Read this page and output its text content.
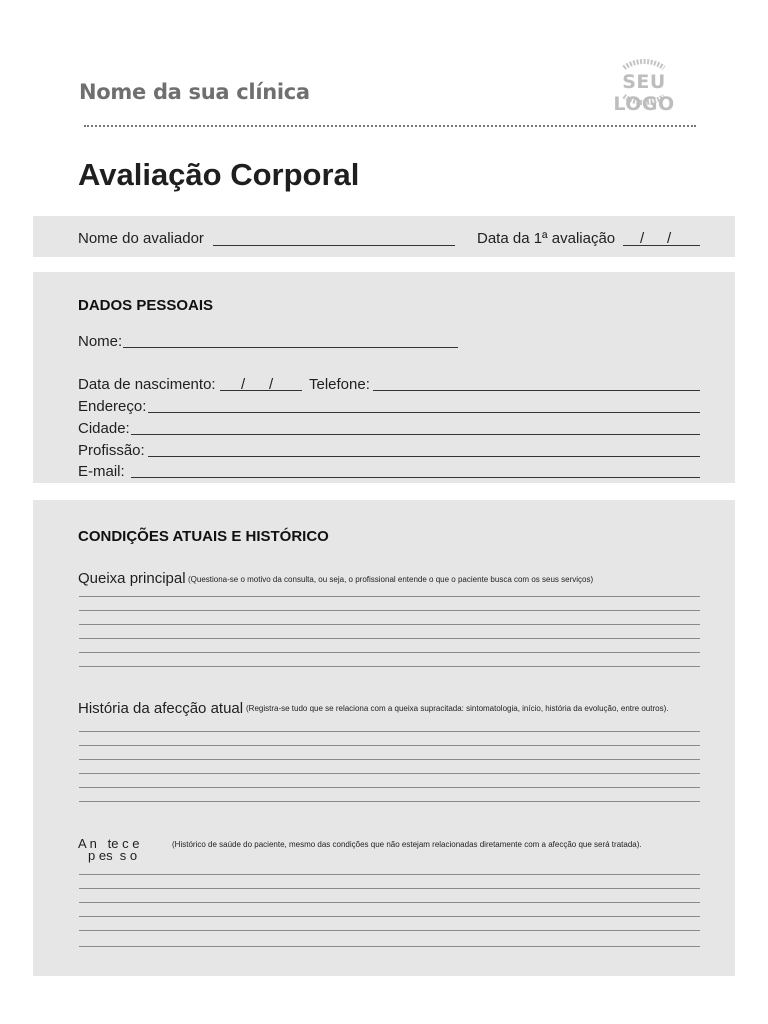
Nome da sua clínica	SEU LOGO
Avaliação Corporal
Nome do avaliador	Data da 1ª avaliação / /
DADOS PESSOAIS
Nome:
Data de nascimento: / / Telefone:
Endereço:
Cidade:
Profissão:
E-mail:
CONDIÇÕES ATUAIS E HISTÓRICO
Queixa principal (Questiona-se o motivo da consulta, ou seja, o profissional entende o que o paciente busca com os seus serviços)
História da afecção atual (Registra-se tudo que se relaciona com a queixa supracitada: sintomatologia, início, história da evolução, entre outros).
A n   te c e
p es  s o
(Histórico de saúde do paciente, mesmo das condições que não estejam relacionadas diretamente com a afecção que será tratada).
